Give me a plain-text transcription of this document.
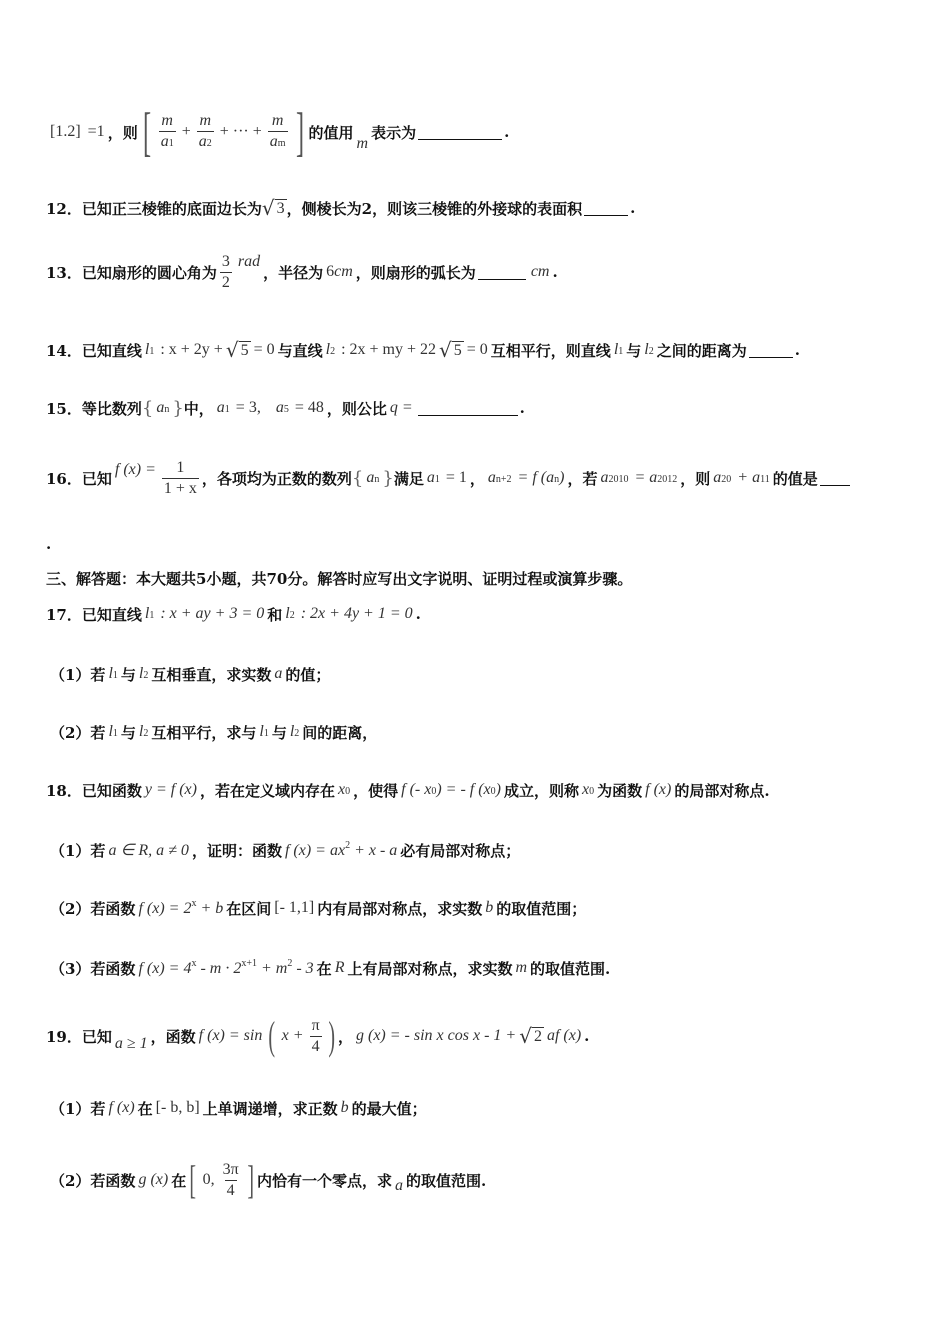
[1.2] =1 ，则 [ $\frac{m}{a1} + \frac{m}{a2}$ + ··· + $\frac{m}{am}$ ] 的值用
m
表示为	.
12．已知正三棱锥的底面边长为 √ 3 ，侧棱长为2，则该三棱锥的外接球的表面积	.
13．已知扇形的圆心角为 $\frac{3}{2}$ rad
，半径为 6cm ，则扇形的弧长为	cm .
14．已知直线 l1 : x + 2y + √ 5 = 0 与直线 l2 : 2x + my + 22 √ 5 = 0 互相平行，则直线 l1 与 l2 之间的距离为	.
15．等比数列 { an } 中， a1 = 3, a5 = 48 ，则公比 q =	.
16．已知 f $(x) = \frac{1}{1 + x}$ ，各项均为正数的数列 { an } 满足 a1 = 1 ， an+2 = f (an) ，若 a2010 = a2012 ，则 a20 + a11 的值是
.
三、解答题：本大题共5小题，共70分。解答时应写出文字说明、证明过程或演算步骤。
17．已知直线 l1 : x + ay + 3 = 0 和 l2 : 2x + 4y + 1 = 0 .
（1）若 l1 与 l2 互相垂直，求实数 a 的值；
（2）若 l1 与 l2 互相平行，求与 l1 与 l2 间的距离，
18．已知函数 y = f (x) ，若在定义域内存在 x0 ，使得 f (- x0) = - f (x0) 成立，则称 x0 为函数 f (x) 的局部对称点.
（1）若 a ∈ R, a ≠ 0 ，证明：函数 f $(x) = ax^2 + x - a$ 必有局部对称点；
（2）若函数 f $(x) = 2^x + b$ 在区间 [- 1,1] 内有局部对称点，求实数 b 的取值范围；
（3）若函数 f $(x) = 4^x - m \cdot 2^{x+1} + m^2 - 3$ 在 R 上有局部对称点，求实数 m 的取值范围.
19．已知 a ≥ 1 ，函数 f (x) = sin ( $x + \frac{\pi}{4}$ ) ， g (x) = - sin x cos x - 1 + √ 2 af (x) .
（1）若 f (x) 在 [- b, b] 上单调递增，求正数 b 的最大值；
（2）若函数 g (x) 在 [ 0, $\frac{3\pi}{4}$ ] 内恰有一个零点，求 a 的取值范围.
